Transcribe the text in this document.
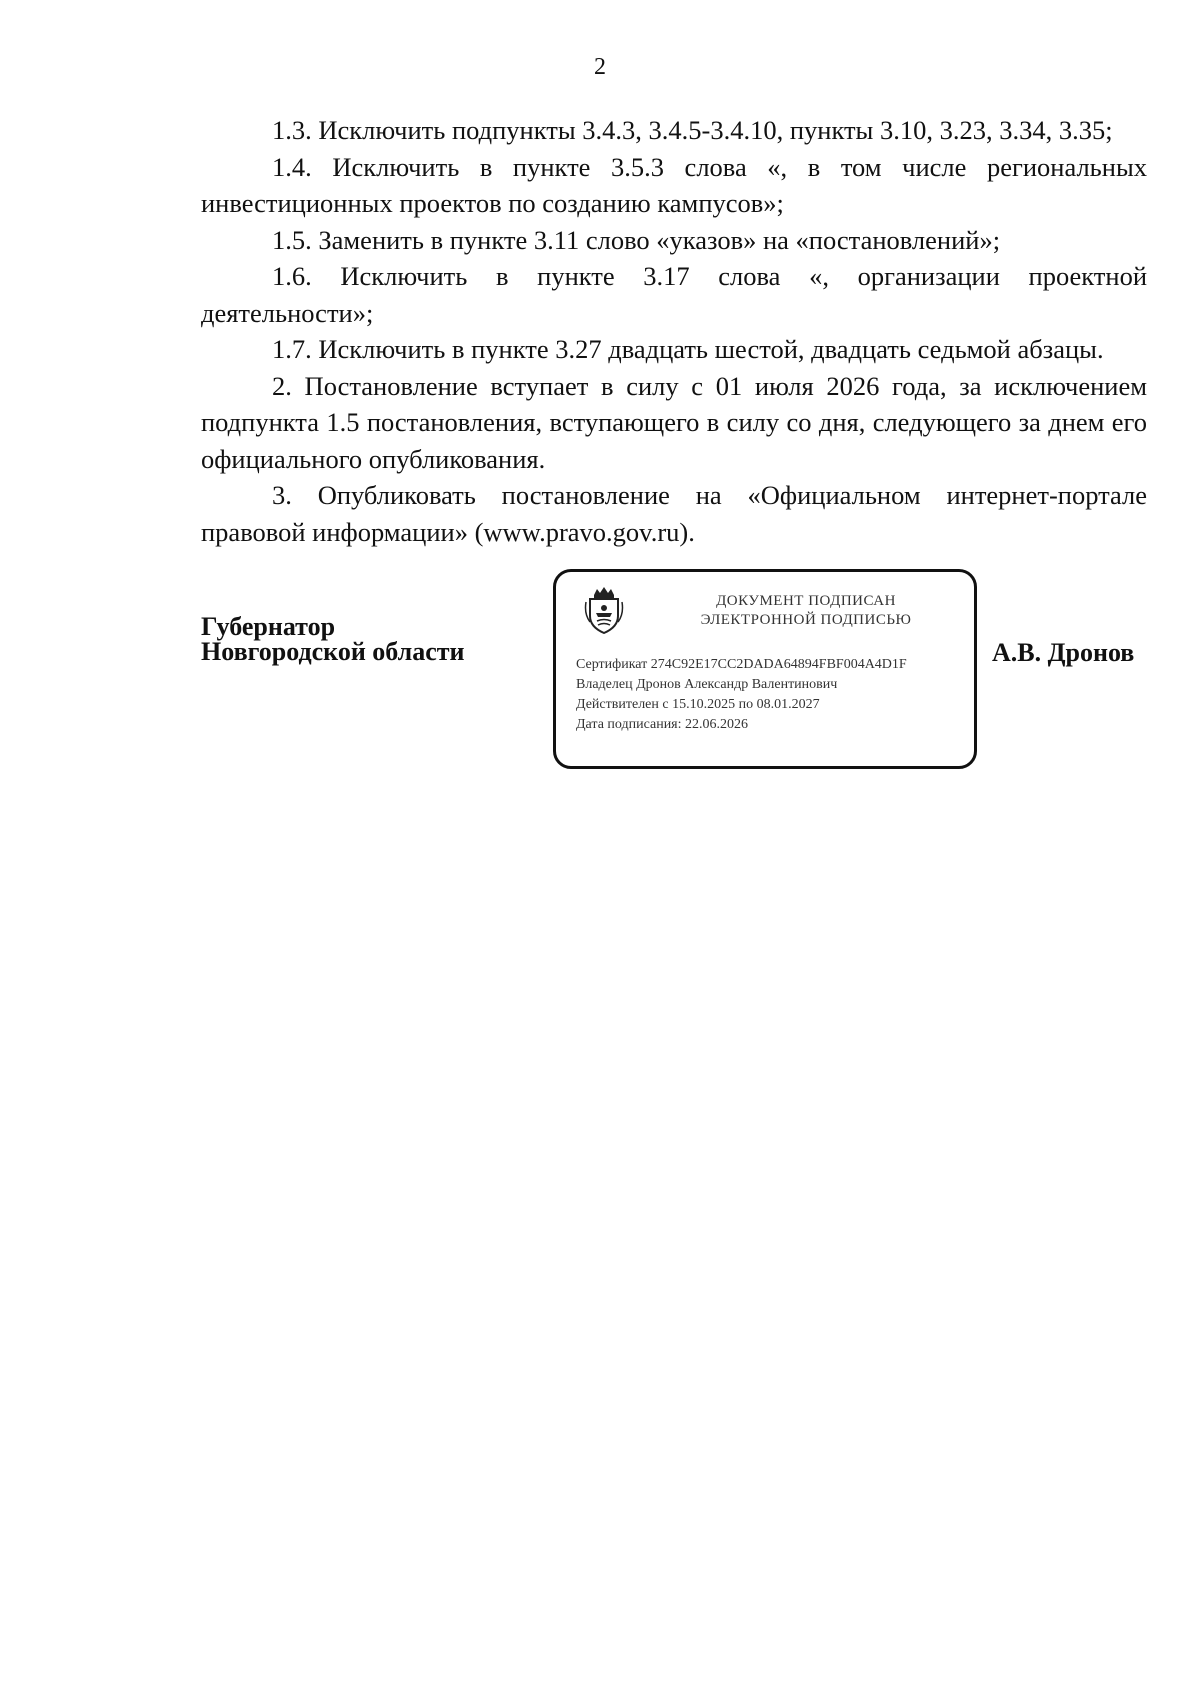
2

1.3. Исключить подпункты 3.4.3, 3.4.5-3.4.10, пункты 3.10, 3.23, 3.34, 3.35;

1.4. Исключить в пункте 3.5.3 слова «, в том числе региональных инвестиционных проектов по созданию кампусов»;

1.5. Заменить в пункте 3.11 слово «указов» на «постановлений»;

1.6. Исключить в пункте 3.17 слова «, организации проектной деятельности»;

1.7. Исключить в пункте 3.27 двадцать шестой, двадцать седьмой абзацы.

2. Постановление вступает в силу с 01 июля 2026 года, за исключением подпункта 1.5 постановления, вступающего в силу со дня, следующего за днем его официального опубликования.

3. Опубликовать постановление на «Официальном интернет-портале правовой информации» (www.pravo.gov.ru).

Губернатор
Новгородской области
ДОКУМЕНТ ПОДПИСАН
ЭЛЕКТРОННОЙ ПОДПИСЬЮ
Сертификат 274C92E17CC2DADA64894FBF004A4D1F
Владелец Дронов Александр Валентинович
Действителен с 15.10.2025 по 08.01.2027
Дата подписания: 22.06.2026
А.В. Дронов
